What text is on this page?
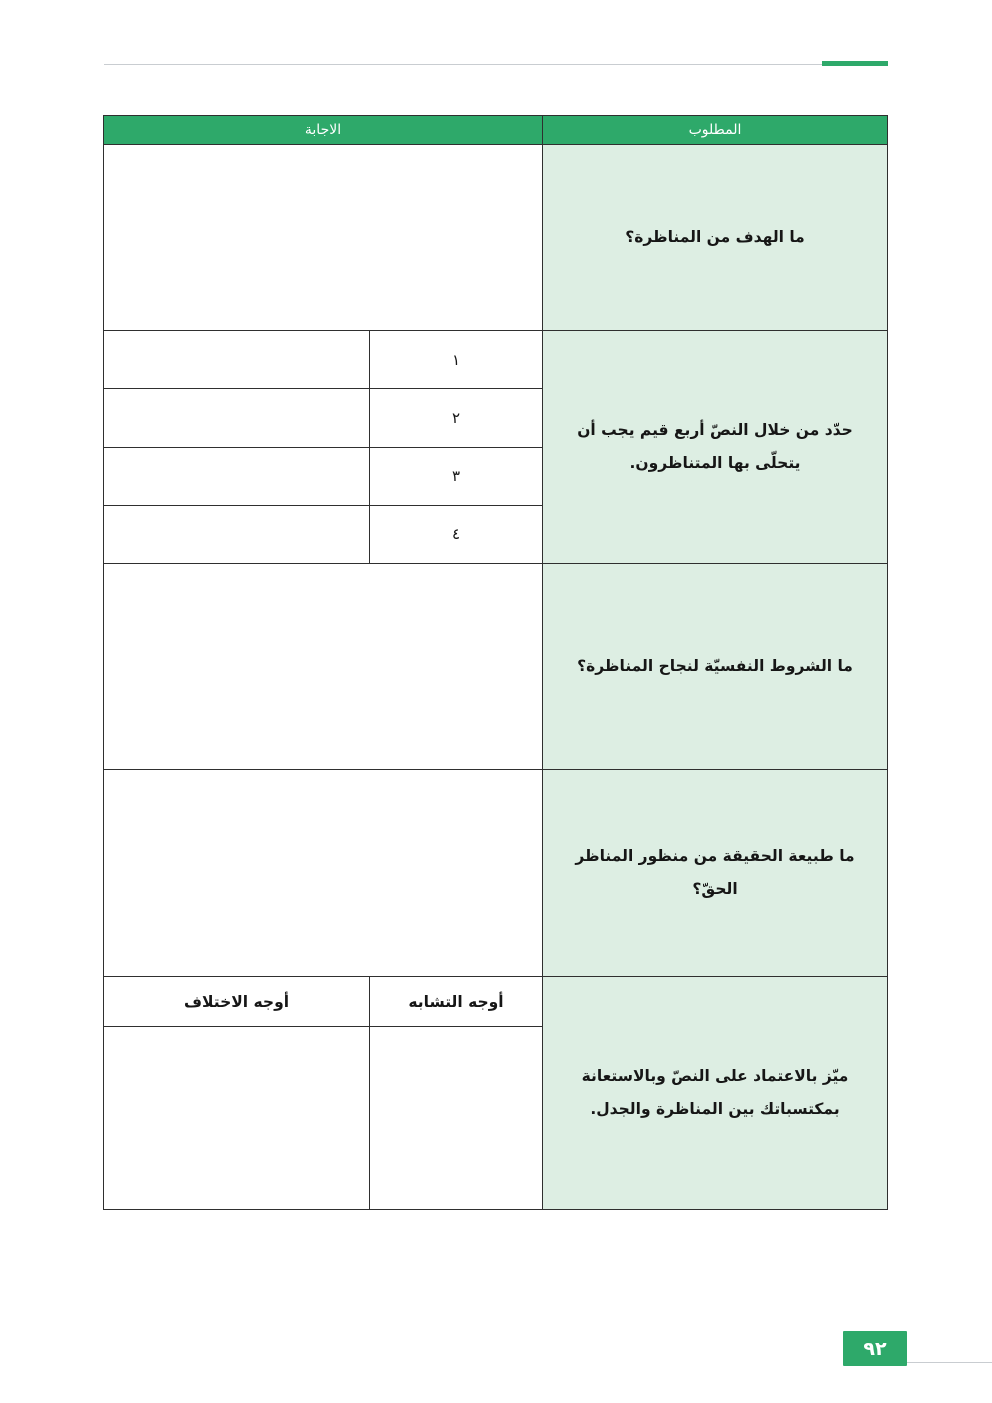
المطلوب
الاجابة
ما الهدف من المناظرة؟
حدّد من خلال النصّ أربع قيم يجب أن يتحلّى بها المتناظرون.
١
٢
٣
٤
ما الشروط النفسيّة لنجاح المناظرة؟
ما طبيعة الحقيقة من منظور المناظر الحقّ؟
ميّز بالاعتماد على النصّ وبالاستعانة بمكتسباتك بين المناظرة والجدل.
أوجه التشابه
أوجه الاختلاف
٩٢
